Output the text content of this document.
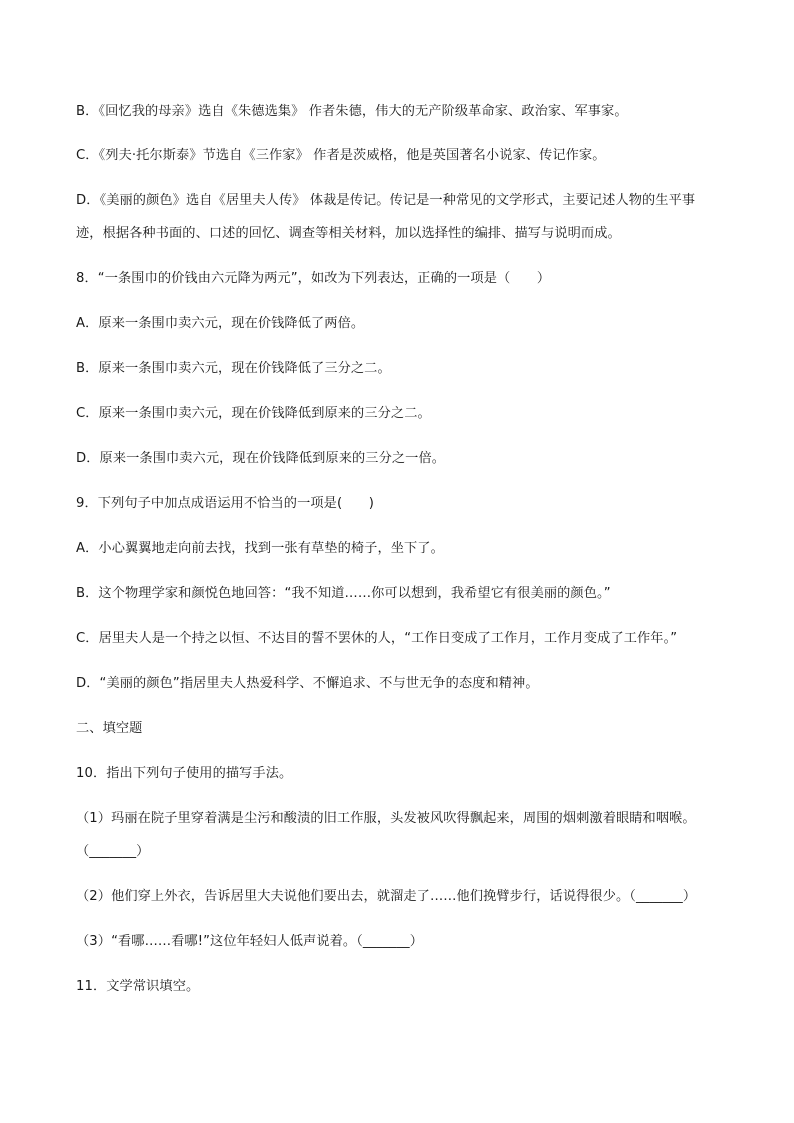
B．《回忆我的母亲》选自《朱德选集》 作者朱德，伟大的无产阶级革命家、政治家、军事家。
C．《列夫·托尔斯泰》节选自《三作家》 作者是茨威格，他是英国著名小说家、传记作家。
D．《美丽的颜色》选自《居里夫人传》 体裁是传记。传记是一种常见的文学形式，主要记述人物的生平事
迹，根据各种书面的、口述的回忆、调查等相关材料，加以选择性的编排、描写与说明而成。
8．“一条围巾的价钱由六元降为两元”，如改为下列表达，正确的一项是（　　）
A．原来一条围巾卖六元，现在价钱降低了两倍。
B．原来一条围巾卖六元，现在价钱降低了三分之二。
C．原来一条围巾卖六元，现在价钱降低到原来的三分之二。
D．原来一条围巾卖六元，现在价钱降低到原来的三分之一倍。
9．下列句子中加点成语运用不恰当的一项是(　　)
A．小心翼翼地走向前去找，找到一张有草垫的椅子，坐下了。
B．这个物理学家和颜悦色地回答：“我不知道……你可以想到，我希望它有很美丽的颜色。”
C．居里夫人是一个持之以恒、不达目的誓不罢休的人，“工作日变成了工作月，工作月变成了工作年。”
D．“美丽的颜色”指居里夫人热爱科学、不懈追求、不与世无争的态度和精神。
二、填空题
10．指出下列句子使用的描写手法。
（1）玛丽在院子里穿着满是尘污和酸渍的旧工作服，头发被风吹得飘起来，周围的烟刺激着眼睛和咽喉。
（_______）
（2）他们穿上外衣，告诉居里大夫说他们要出去，就溜走了……他们挽臂步行，话说得很少。（_______）
（3）“看哪……看哪!”这位年轻妇人低声说着。（_______）
11．文学常识填空。
